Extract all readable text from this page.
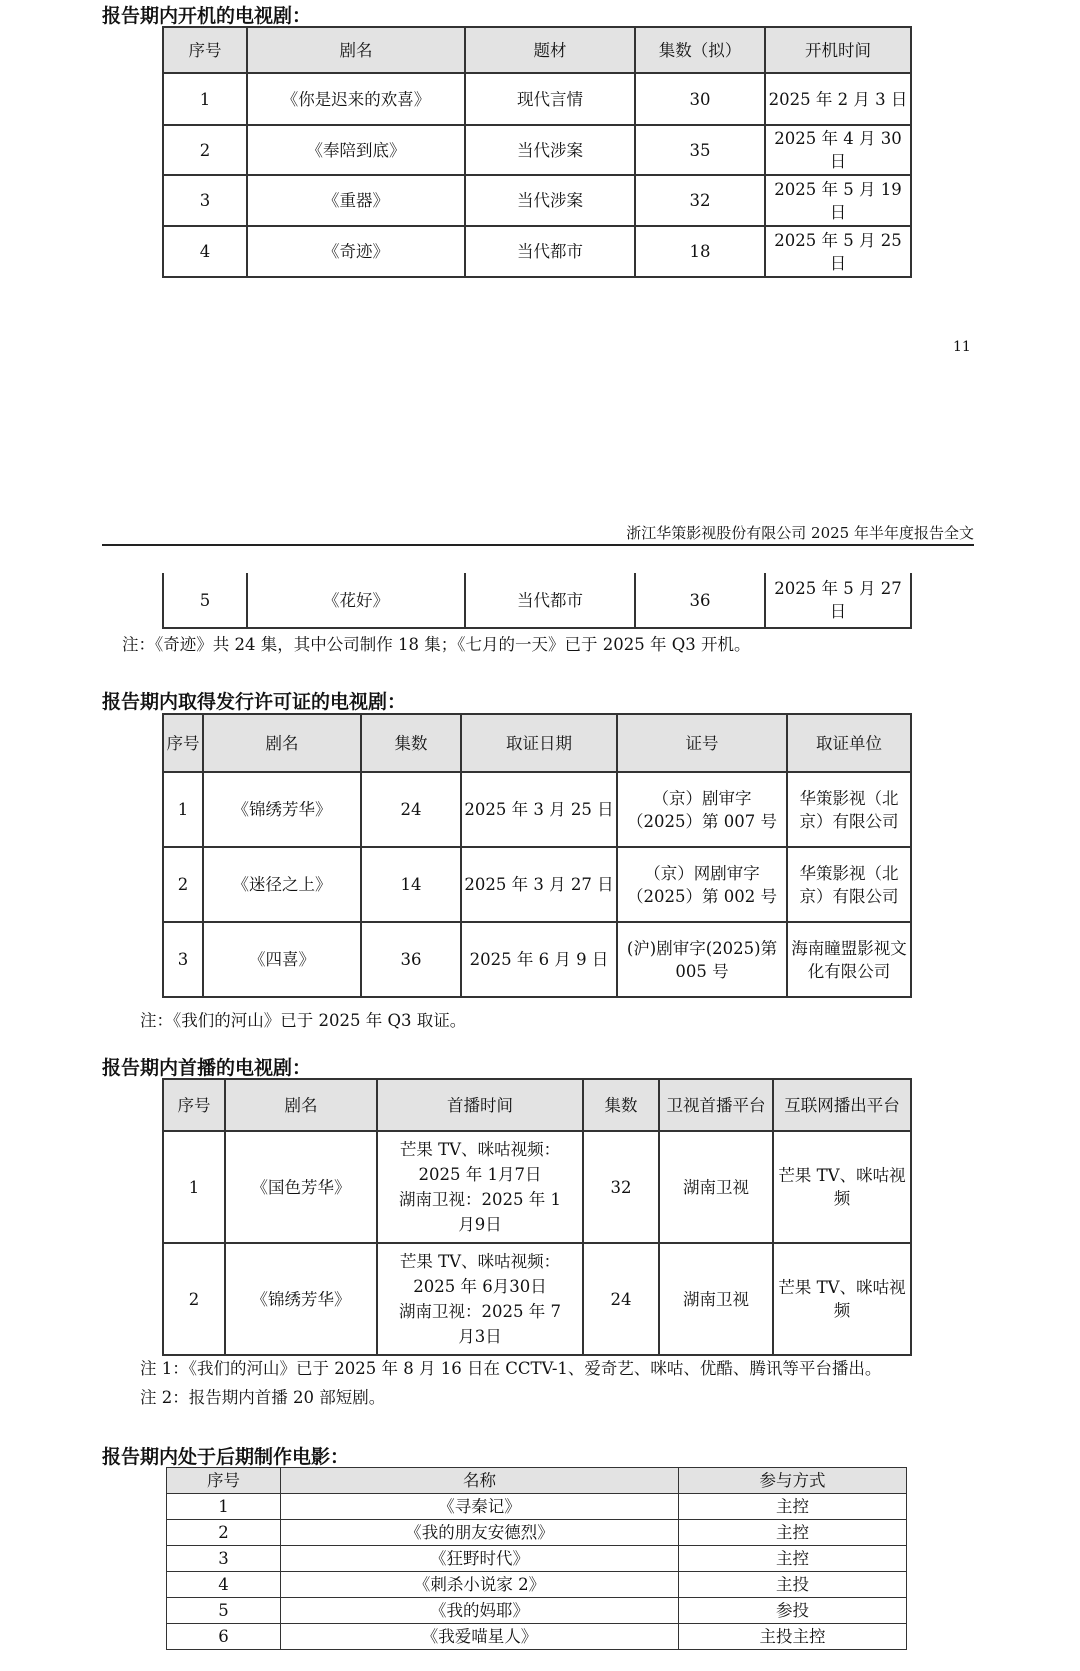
报告期内开机的电视剧：
序号	剧名	题材	集数（拟）	开机时间
1	《你是迟来的欢喜》	现代言情	30	2025 年 2 月 3 日
2	《奉陪到底》	当代涉案	35	2025 年 4 月 30 日
3	《重器》	当代涉案	32	2025 年 5 月 19 日
4	《奇迹》	当代都市	18	2025 年 5 月 25 日
11
浙江华策影视股份有限公司 2025 年半年度报告全文
5	《花好》	当代都市	36	2025 年 5 月 27 日
注：《奇迹》共 24 集，其中公司制作 18 集；《七月的一天》已于 2025 年 Q3 开机。
报告期内取得发行许可证的电视剧：
序号	剧名	集数	取证日期	证号	取证单位
1	《锦绣芳华》	24	2025 年 3 月 25 日	（京）剧审字（2025）第 007 号	华策影视（北京）有限公司
2	《迷径之上》	14	2025 年 3 月 27 日	（京）网剧审字（2025）第 002 号	华策影视（北京）有限公司
3	《四喜》	36	2025 年 6 月 9 日	(沪)剧审字(2025)第 005 号	海南瞳盟影视文化有限公司
注：《我们的河山》已于 2025 年 Q3 取证。
报告期内首播的电视剧：
序号	剧名	首播时间	集数	卫视首播平台	互联网播出平台
1	《国色芳华》	芒果 TV、咪咕视频：
2025 年 1月7日
湖南卫视：2025 年 1
月9日	32	湖南卫视	芒果 TV、咪咕视频
2	《锦绣芳华》	芒果 TV、咪咕视频：
2025 年 6月30日
湖南卫视：2025 年 7
月3日	24	湖南卫视	芒果 TV、咪咕视频
注 1：《我们的河山》已于 2025 年 8 月 16 日在 CCTV-1、爱奇艺、咪咕、优酷、腾讯等平台播出。
注 2：报告期内首播 20 部短剧。
报告期内处于后期制作电影：
序号	名称	参与方式
1	《寻秦记》	主控
2	《我的朋友安德烈》	主控
3	《狂野时代》	主控
4	《刺杀小说家 2》	主投
5	《我的妈耶》	参投
6	《我爱喵星人》	主投主控
